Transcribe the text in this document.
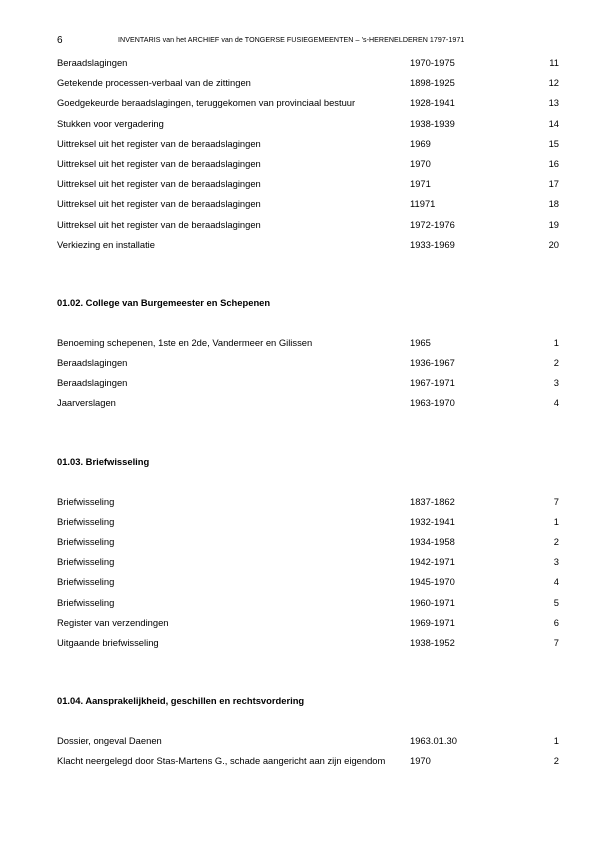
6	INVENTARIS van het ARCHIEF van de TONGERSE FUSIEGEMEENTEN – ’s-HERENELDEREN 1797-1971
Beraadslagingen	1970-1975	11
Getekende processen-verbaal van de zittingen	1898-1925	12
Goedgekeurde beraadslagingen, teruggekomen van provinciaal bestuur	1928-1941	13
Stukken voor vergadering	1938-1939	14
Uittreksel uit het register van de beraadslagingen	1969	15
Uittreksel uit het register van de beraadslagingen	1970	16
Uittreksel uit het register van de beraadslagingen	1971	17
Uittreksel uit het register van de beraadslagingen	11971	18
Uittreksel uit het register van de beraadslagingen	1972-1976	19
Verkiezing en installatie	1933-1969	20
01.02. College van Burgemeester en Schepenen
Benoeming schepenen, 1ste en 2de, Vandermeer en Gilissen	1965	1
Beraadslagingen	1936-1967	2
Beraadslagingen	1967-1971	3
Jaarverslagen	1963-1970	4
01.03. Briefwisseling
Briefwisseling	1837-1862	7
Briefwisseling	1932-1941	1
Briefwisseling	1934-1958	2
Briefwisseling	1942-1971	3
Briefwisseling	1945-1970	4
Briefwisseling	1960-1971	5
Register van verzendingen	1969-1971	6
Uitgaande briefwisseling	1938-1952	7
01.04. Aansprakelijkheid, geschillen en rechtsvordering
Dossier, ongeval Daenen	1963.01.30	1
Klacht neergelegd door Stas-Martens G., schade aangericht aan zijn eigendom	1970	2
